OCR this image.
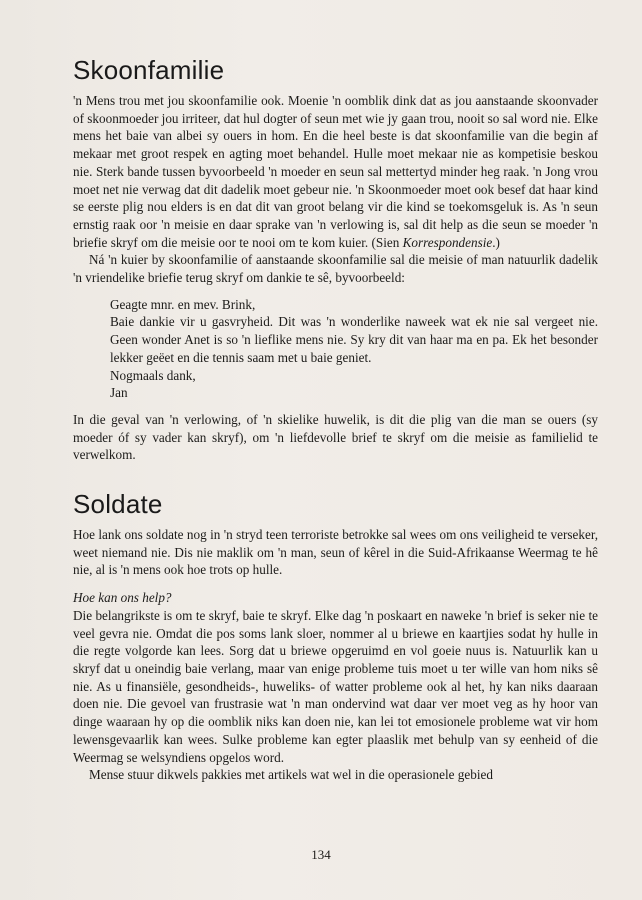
Skoonfamilie

'n Mens trou met jou skoonfamilie ook. Moenie 'n oomblik dink dat as jou aanstaande skoonvader of skoonmoeder jou irriteer, dat hul dogter of seun met wie jy gaan trou, nooit so sal word nie. Elke mens het baie van albei sy ouers in hom. En die heel beste is dat skoonfamilie van die begin af mekaar met groot respek en agting moet behandel. Hulle moet mekaar nie as kompetisie beskou nie. Sterk bande tussen byvoorbeeld 'n moeder en seun sal mettertyd minder heg raak. 'n Jong vrou moet net nie verwag dat dit dadelik moet gebeur nie. 'n Skoonmoeder moet ook besef dat haar kind se eerste plig nou elders is en dat dit van groot belang vir die kind se toekomsgeluk is. As 'n seun ernstig raak oor 'n meisie en daar sprake van 'n verlowing is, sal dit help as die seun se moeder 'n briefie skryf om die meisie oor te nooi om te kom kuier. (Sien Korrespondensie.)

Ná 'n kuier by skoonfamilie of aanstaande skoonfamilie sal die meisie of man natuurlik dadelik 'n vriendelike briefie terug skryf om dankie te sê, byvoorbeeld:

Geagte mnr. en mev. Brink,
Baie dankie vir u gasvryheid. Dit was 'n wonderlike naweek wat ek nie sal vergeet nie. Geen wonder Anet is so 'n lieflike mens nie. Sy kry dit van haar ma en pa. Ek het besonder lekker geëet en die tennis saam met u baie geniet.
Nogmaals dank,
Jan

In die geval van 'n verlowing, of 'n skielike huwelik, is dit die plig van die man se ouers (sy moeder óf sy vader kan skryf), om 'n liefdevolle brief te skryf om die meisie as familielid te verwelkom.

Soldate

Hoe lank ons soldate nog in 'n stryd teen terroriste betrokke sal wees om ons veiligheid te verseker, weet niemand nie. Dis nie maklik om 'n man, seun of kêrel in die Suid-Afrikaanse Weermag te hê nie, al is 'n mens ook hoe trots op hulle.

Hoe kan ons help?

Die belangrikste is om te skryf, baie te skryf. Elke dag 'n poskaart en naweke 'n brief is seker nie te veel gevra nie. Omdat die pos soms lank sloer, nommer al u briewe en kaartjies sodat hy hulle in die regte volgorde kan lees. Sorg dat u briewe opgeruimd en vol goeie nuus is. Natuurlik kan u skryf dat u oneindig baie verlang, maar van enige probleme tuis moet u ter wille van hom niks sê nie. As u finansiële, gesondheids-, huweliks- of watter probleme ook al het, hy kan niks daaraan doen nie. Die gevoel van frustrasie wat 'n man ondervind wat daar ver moet veg as hy hoor van dinge waaraan hy op die oomblik niks kan doen nie, kan lei tot emosionele probleme wat vir hom lewensgevaarlik kan wees. Sulke probleme kan egter plaaslik met behulp van sy eenheid of die Weermag se welsyndiens opgelos word.

Mense stuur dikwels pakkies met artikels wat wel in die operasionele gebied

134
